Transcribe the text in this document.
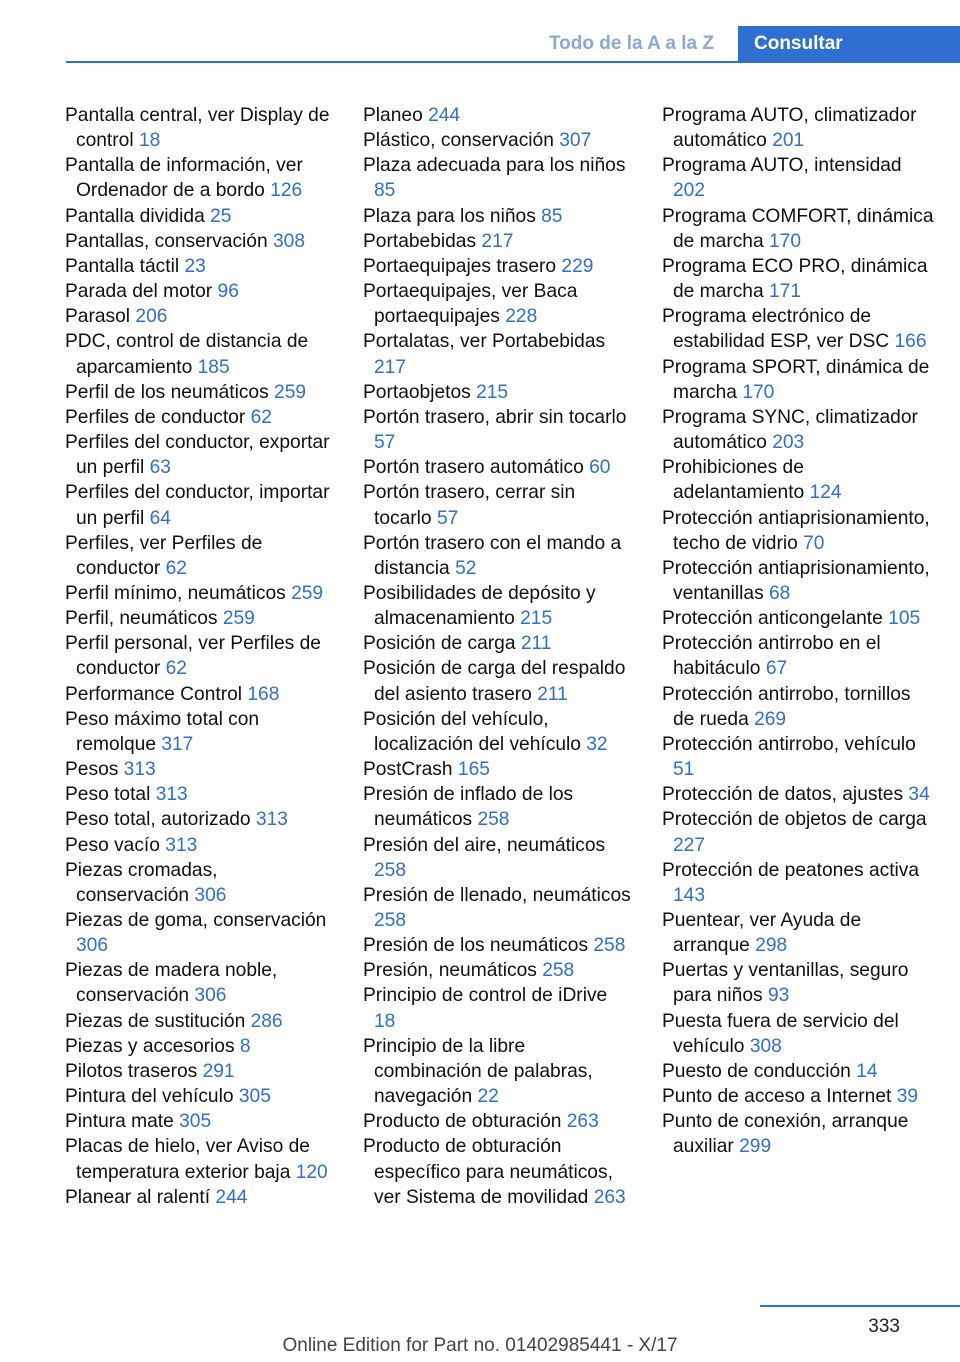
Todo de la A a la Z	Consultar

Pantalla central, ver Display de control 18

Pantalla de información, ver Ordenador de a bordo 126

Pantalla dividida 25

Pantallas, conservación 308

Pantalla táctil 23

Parada del motor 96

Parasol 206

PDC, control de distancia de aparcamiento 185

Perfil de los neumáticos 259

Perfiles de conductor 62

Perfiles del conductor, exportar un perfil 63

Perfiles del conductor, importar un perfil 64

Perfiles, ver Perfiles de conductor 62

Perfil mínimo, neumáticos 259

Perfil, neumáticos 259

Perfil personal, ver Perfiles de conductor 62

Performance Control 168

Peso máximo total con remolque 317

Pesos 313

Peso total 313

Peso total, autorizado 313

Peso vacío 313

Piezas cromadas, conservación 306

Piezas de goma, conservación 306

Piezas de madera noble, conservación 306

Piezas de sustitución 286

Piezas y accesorios 8

Pilotos traseros 291

Pintura del vehículo 305

Pintura mate 305

Placas de hielo, ver Aviso de temperatura exterior baja 120

Planear al ralentí 244

Planeo 244

Plástico, conservación 307

Plaza adecuada para los niños 85

Plaza para los niños 85

Portabebidas 217

Portaequipajes trasero 229

Portaequipajes, ver Baca portaequipajes 228

Portalatas, ver Portabebidas 217

Portaobjetos 215

Portón trasero, abrir sin tocarlo 57

Portón trasero automático 60

Portón trasero, cerrar sin tocarlo 57

Portón trasero con el mando a distancia 52

Posibilidades de depósito y almacenamiento 215

Posición de carga 211

Posición de carga del respaldo del asiento trasero 211

Posición del vehículo, localización del vehículo 32

PostCrash 165

Presión de inflado de los neumáticos 258

Presión del aire, neumáticos 258

Presión de llenado, neumáticos 258

Presión de los neumáticos 258

Presión, neumáticos 258

Principio de control de iDrive 18

Principio de la libre combinación de palabras, navegación 22

Producto de obturación 263

Producto de obturación específico para neumáticos, ver Sistema de movilidad 263

Programa AUTO, climatizador automático 201

Programa AUTO, intensidad 202

Programa COMFORT, dinámica de marcha 170

Programa ECO PRO, dinámica de marcha 171

Programa electrónico de estabilidad ESP, ver DSC 166

Programa SPORT, dinámica de marcha 170

Programa SYNC, climatizador automático 203

Prohibiciones de adelantamiento 124

Protección antiaprisionamiento, techo de vidrio 70

Protección antiaprisionamiento, ventanillas 68

Protección anticongelante 105

Protección antirrobo en el habitáculo 67

Protección antirrobo, tornillos de rueda 269

Protección antirrobo, vehículo 51

Protección de datos, ajustes 34

Protección de objetos de carga 227

Protección de peatones activa 143

Puentear, ver Ayuda de arranque 298

Puertas y ventanillas, seguro para niños 93

Puesta fuera de servicio del vehículo 308

Puesto de conducción 14

Punto de acceso a Internet 39

Punto de conexión, arranque auxiliar 299

333
Online Edition for Part no. 01402985441 - X/17
